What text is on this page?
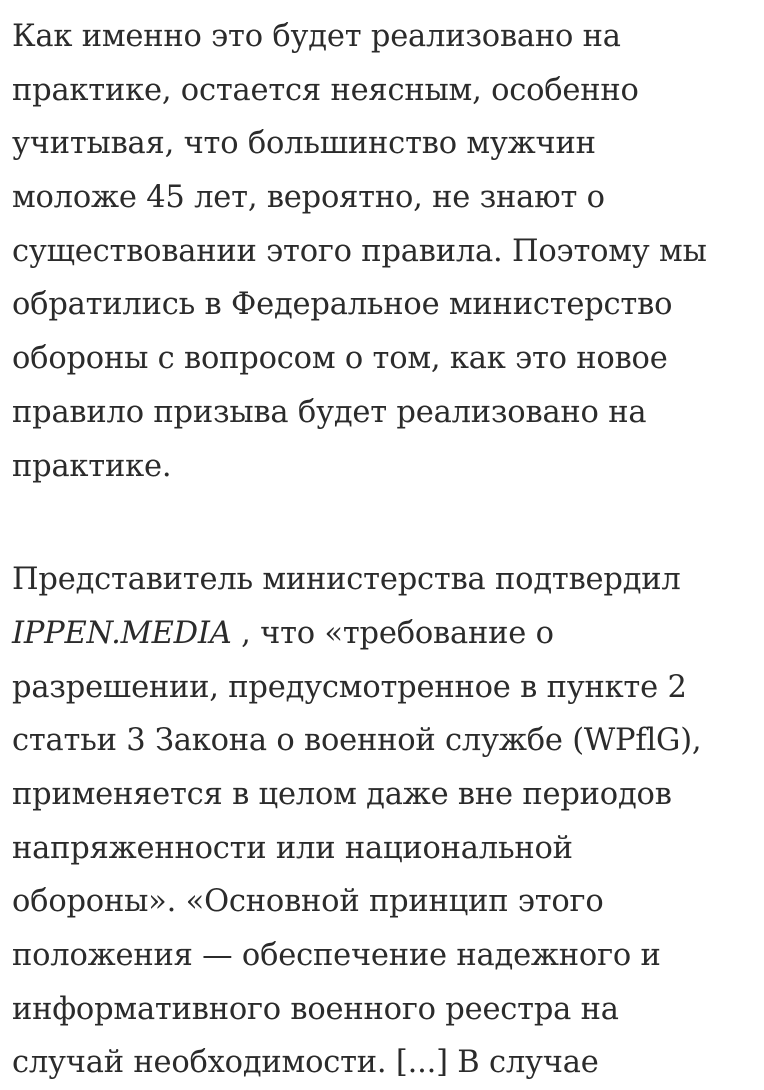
Как именно это будет реализовано на
практике, остается неясным, особенно
учитывая, что большинство мужчин
моложе 45 лет, вероятно, не знают о
существовании этого правила. Поэтому мы
обратились в Федеральное министерство
обороны с вопросом о том, как это новое
правило призыва будет реализовано на
практике.
Представитель министерства подтвердил
IPPEN.MEDIA , что «требование о
разрешении, предусмотренное в пункте 2
статьи 3 Закона о военной службе (WPflG),
применяется в целом даже вне периодов
напряженности или национальной
обороны». «Основной принцип этого
положения — обеспечение надежного и
информативного военного реестра на
случай необходимости. [...] В случае
